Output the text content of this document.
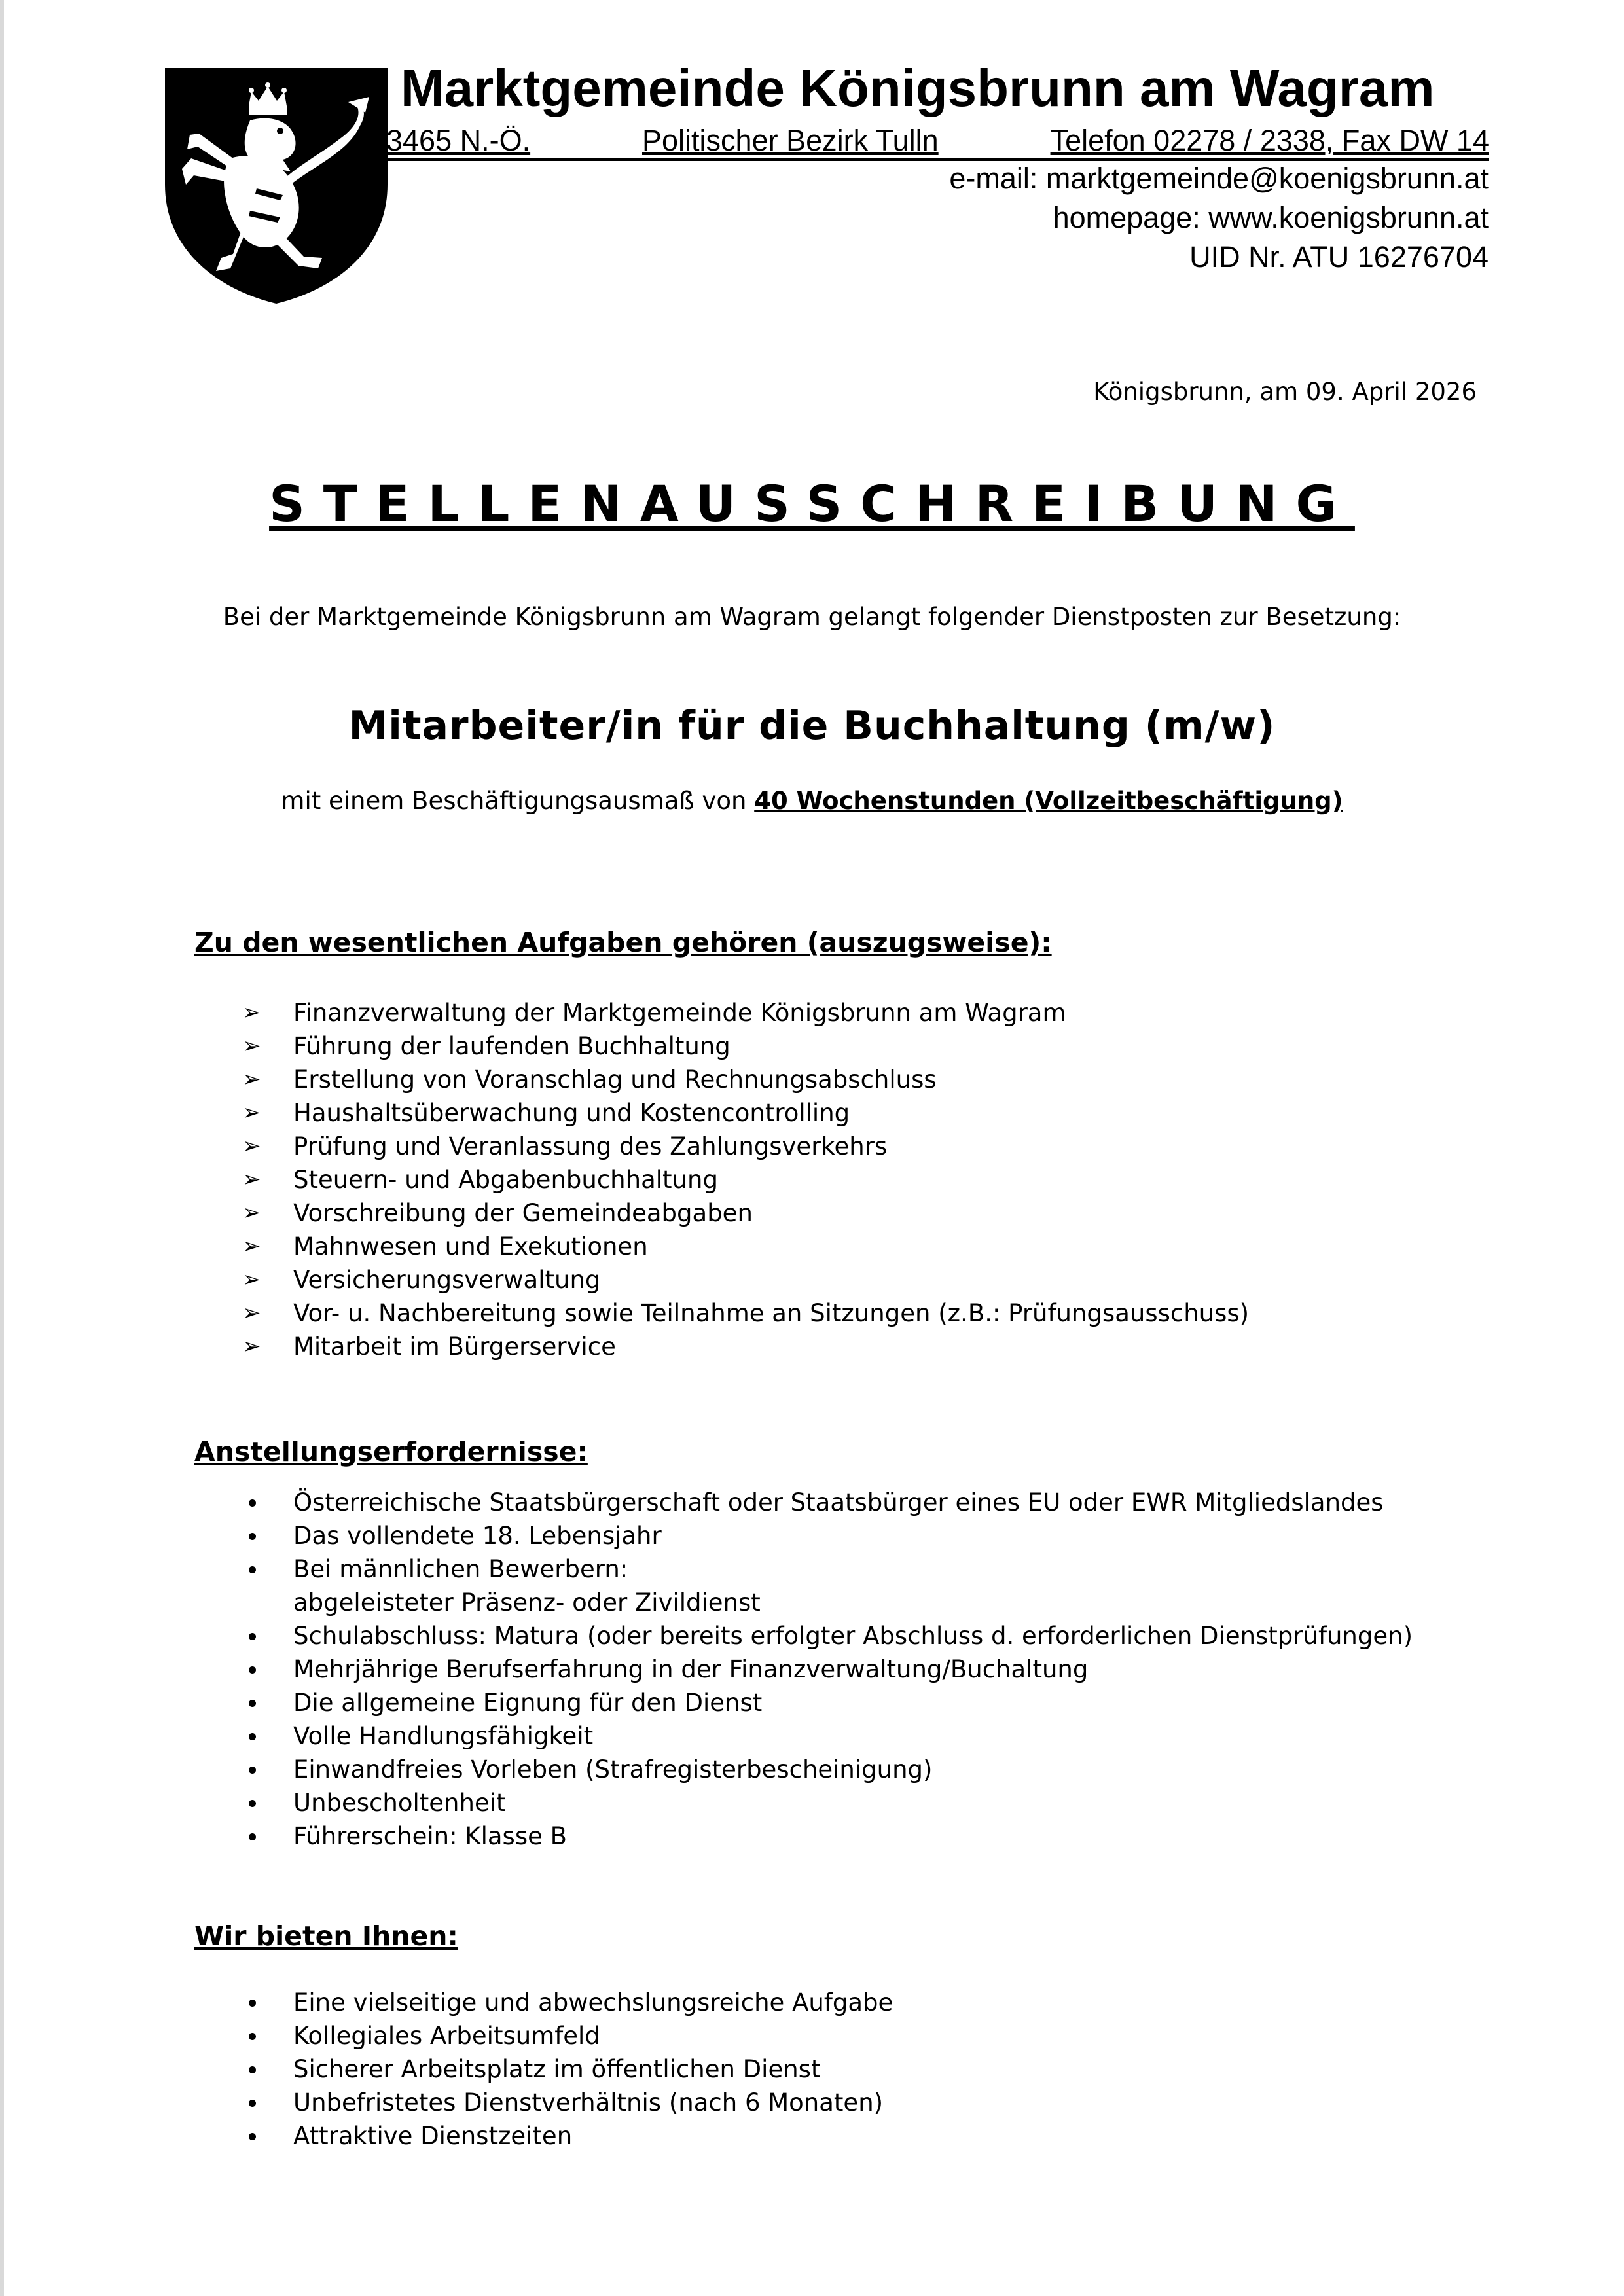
Marktgemeinde Königsbrunn am Wagram
3465 N.-Ö.	Politischer Bezirk Tulln	Telefon 02278 / 2338, Fax DW 14
e-mail: marktgemeinde@koenigsbrunn.at
homepage: www.koenigsbrunn.at
UID Nr. ATU 16276704
Königsbrunn, am 09. April 2026
STELLENAUSSCHREIBUNG
Bei der Marktgemeinde Königsbrunn am Wagram gelangt folgender Dienstposten zur Besetzung:
Mitarbeiter/in für die Buchhaltung (m/w)
mit einem Beschäftigungsausmaß von 40 Wochenstunden (Vollzeitbeschäftigung)
Zu den wesentlichen Aufgaben gehören (auszugsweise):
➢ Finanzverwaltung der Marktgemeinde Königsbrunn am Wagram
➢ Führung der laufenden Buchhaltung
➢ Erstellung von Voranschlag und Rechnungsabschluss
➢ Haushaltsüberwachung und Kostencontrolling
➢ Prüfung und Veranlassung des Zahlungsverkehrs
➢ Steuern- und Abgabenbuchhaltung
➢ Vorschreibung der Gemeindeabgaben
➢ Mahnwesen und Exekutionen
➢ Versicherungsverwaltung
➢ Vor- u. Nachbereitung sowie Teilnahme an Sitzungen (z.B.: Prüfungsausschuss)
➢ Mitarbeit im Bürgerservice
Anstellungserfordernisse:
Österreichische Staatsbürgerschaft oder Staatsbürger eines EU oder EWR Mitgliedslandes
Das vollendete 18. Lebensjahr
Bei männlichen Bewerbern:
abgeleisteter Präsenz- oder Zivildienst
Schulabschluss: Matura (oder bereits erfolgter Abschluss d. erforderlichen Dienstprüfungen)
Mehrjährige Berufserfahrung in der Finanzverwaltung/Buchaltung
Die allgemeine Eignung für den Dienst
Volle Handlungsfähigkeit
Einwandfreies Vorleben (Strafregisterbescheinigung)
Unbescholtenheit
Führerschein: Klasse B
Wir bieten Ihnen:
Eine vielseitige und abwechslungsreiche Aufgabe
Kollegiales Arbeitsumfeld
Sicherer Arbeitsplatz im öffentlichen Dienst
Unbefristetes Dienstverhältnis (nach 6 Monaten)
Attraktive Dienstzeiten
